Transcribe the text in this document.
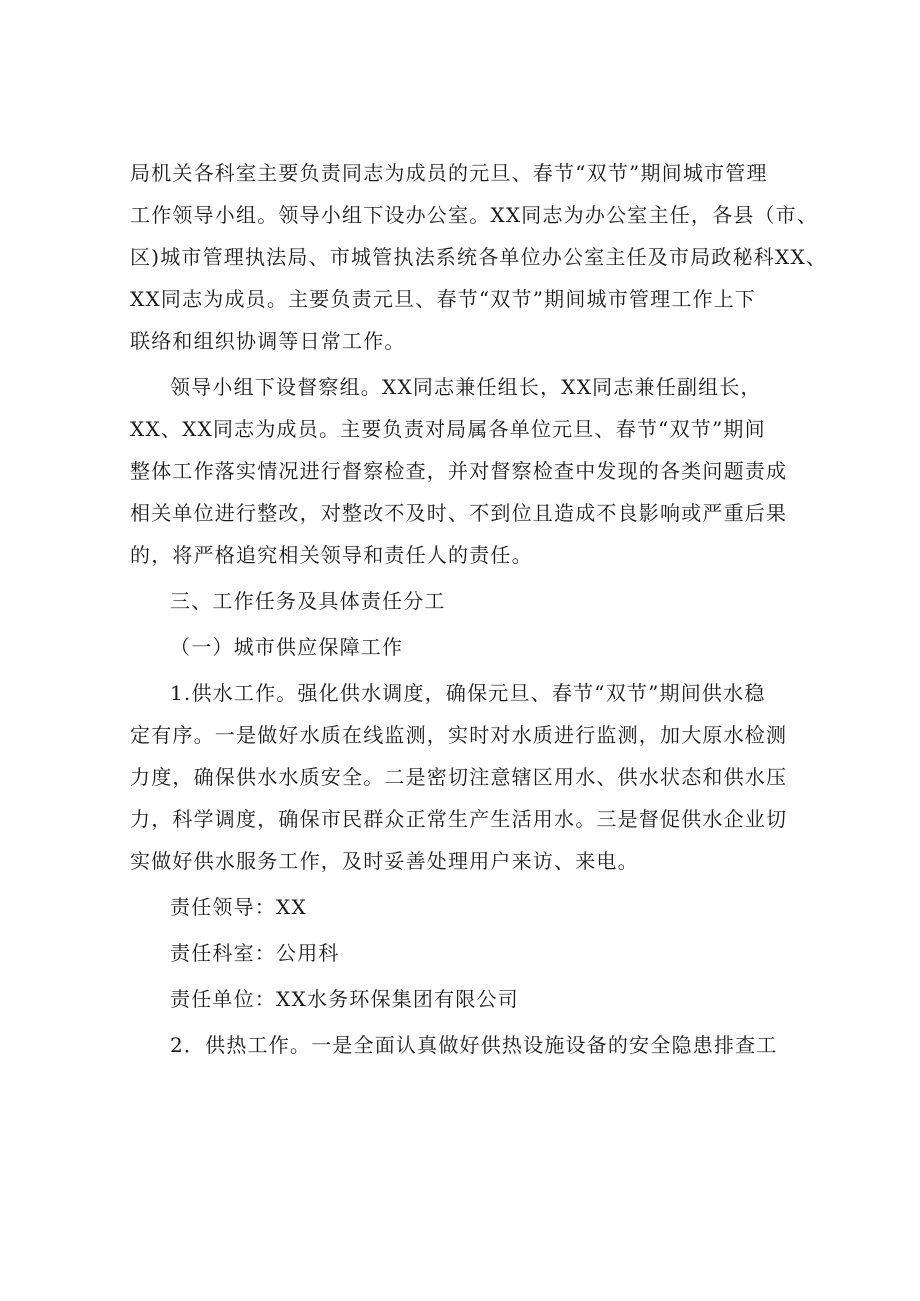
局机关各科室主要负责同志为成员的元旦、春节“双节”期间城市管理
工作领导小组。领导小组下设办公室。XX同志为办公室主任，各县（市、
区)城市管理执法局、市城管执法系统各单位办公室主任及市局政秘科XX、
XX同志为成员。主要负责元旦、春节“双节”期间城市管理工作上下
联络和组织协调等日常工作。
领导小组下设督察组。XX同志兼任组长，XX同志兼任副组长，
XX、XX同志为成员。主要负责对局属各单位元旦、春节“双节”期间
整体工作落实情况进行督察检查，并对督察检查中发现的各类问题责成
相关单位进行整改，对整改不及时、不到位且造成不良影响或严重后果
的，将严格追究相关领导和责任人的责任。
三、工作任务及具体责任分工
（一）城市供应保障工作
1.供水工作。强化供水调度，确保元旦、春节“双节”期间供水稳
定有序。一是做好水质在线监测，实时对水质进行监测，加大原水检测
力度，确保供水水质安全。二是密切注意辖区用水、供水状态和供水压
力，科学调度，确保市民群众正常生产生活用水。三是督促供水企业切
实做好供水服务工作，及时妥善处理用户来访、来电。
责任领导：XX
责任科室：公用科
责任单位：XX水务环保集团有限公司
2．供热工作。一是全面认真做好供热设施设备的安全隐患排查工
